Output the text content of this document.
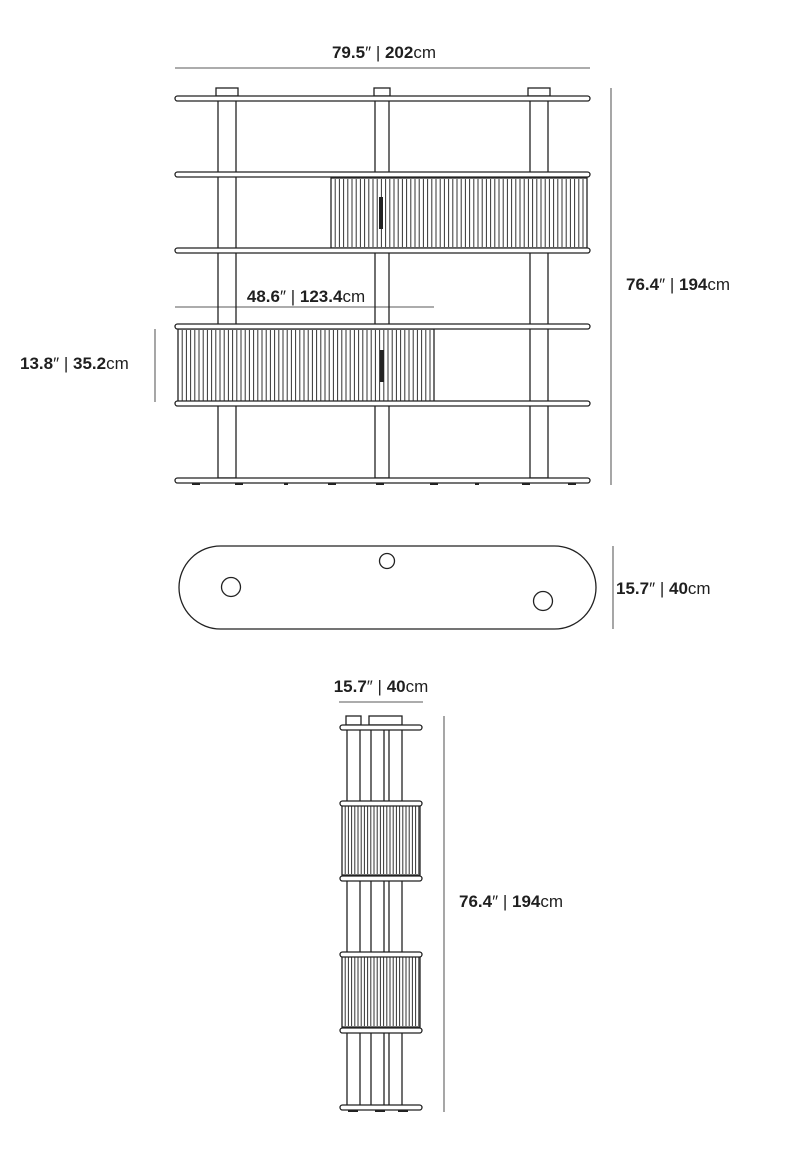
79.5″ | 202cm
76.4″ | 194cm
48.6″ | 123.4cm
13.8″ | 35.2cm
15.7″ | 40cm
15.7″ | 40cm
76.4″ | 194cm
